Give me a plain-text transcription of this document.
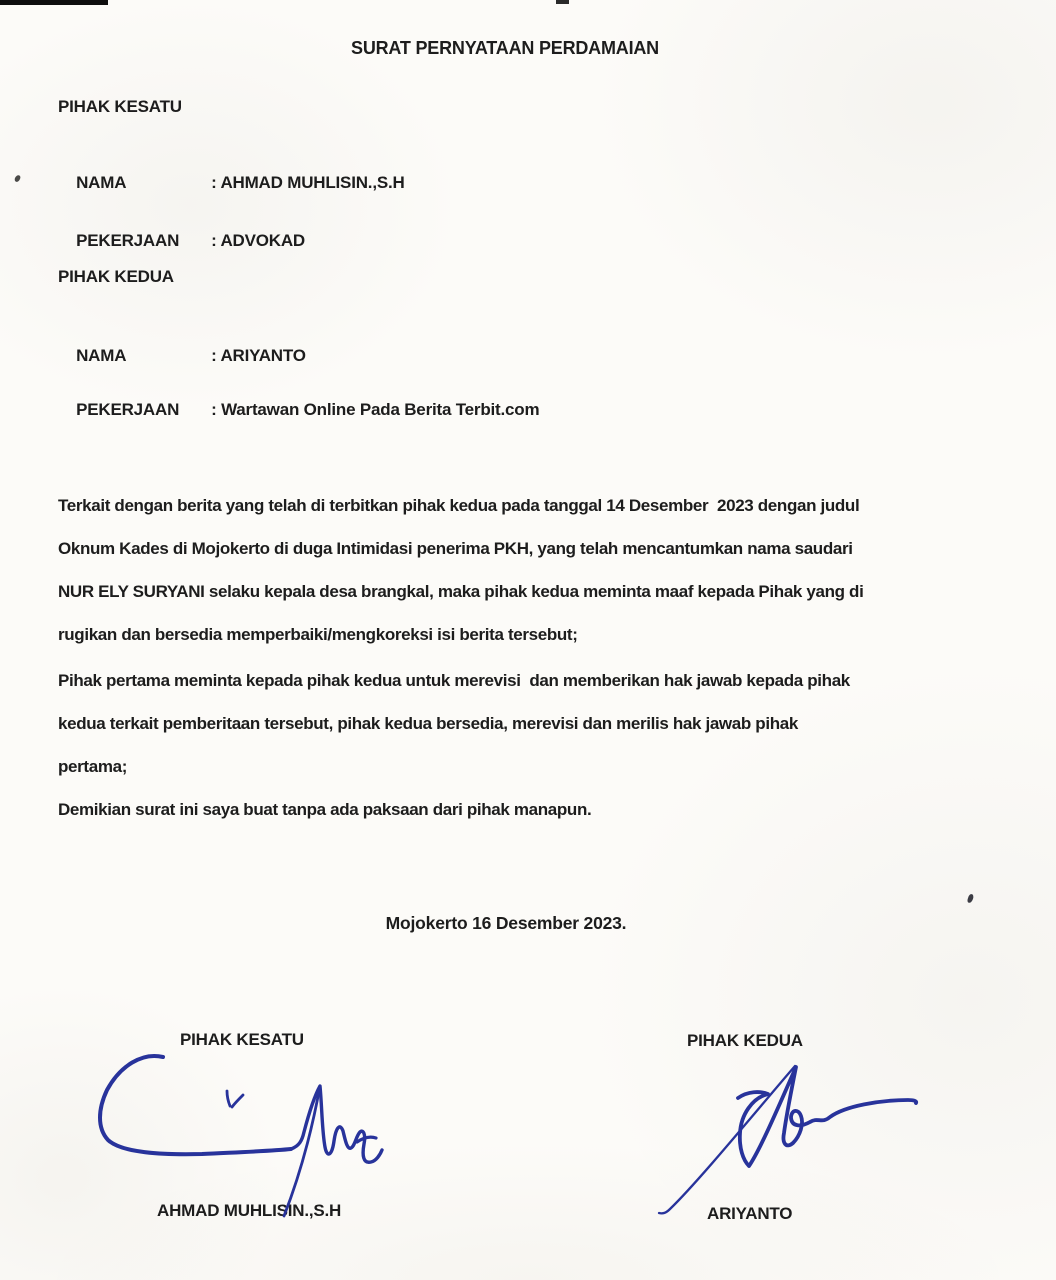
SURAT PERNYATAAN PERDAMAIAN
PIHAK KESATU

NAMA	: AHMAD MUHLISIN.,S.H

PEKERJAAN : ADVOKAD

PIHAK KEDUA

NAMA	: ARIYANTO

PEKERJAAN : Wartawan Online Pada Berita Terbit.com

Terkait dengan berita yang telah di terbitkan pihak kedua pada tanggal 14 Desember  2023 dengan judul
Oknum Kades di Mojokerto di duga Intimidasi penerima PKH, yang telah mencantumkan nama saudari
NUR ELY SURYANI selaku kepala desa brangkal, maka pihak kedua meminta maaf kepada Pihak yang di
rugikan dan bersedia memperbaiki/mengkoreksi isi berita tersebut;
Pihak pertama meminta kepada pihak kedua untuk merevisi  dan memberikan hak jawab kepada pihak
kedua terkait pemberitaan tersebut, pihak kedua bersedia, merevisi dan merilis hak jawab pihak
pertama;
Demikian surat ini saya buat tanpa ada paksaan dari pihak manapun.
Mojokerto 16 Desember 2023.
PIHAK KESATU	PIHAK KEDUA
AHMAD MUHLISIN.,S.H	ARIYANTO
